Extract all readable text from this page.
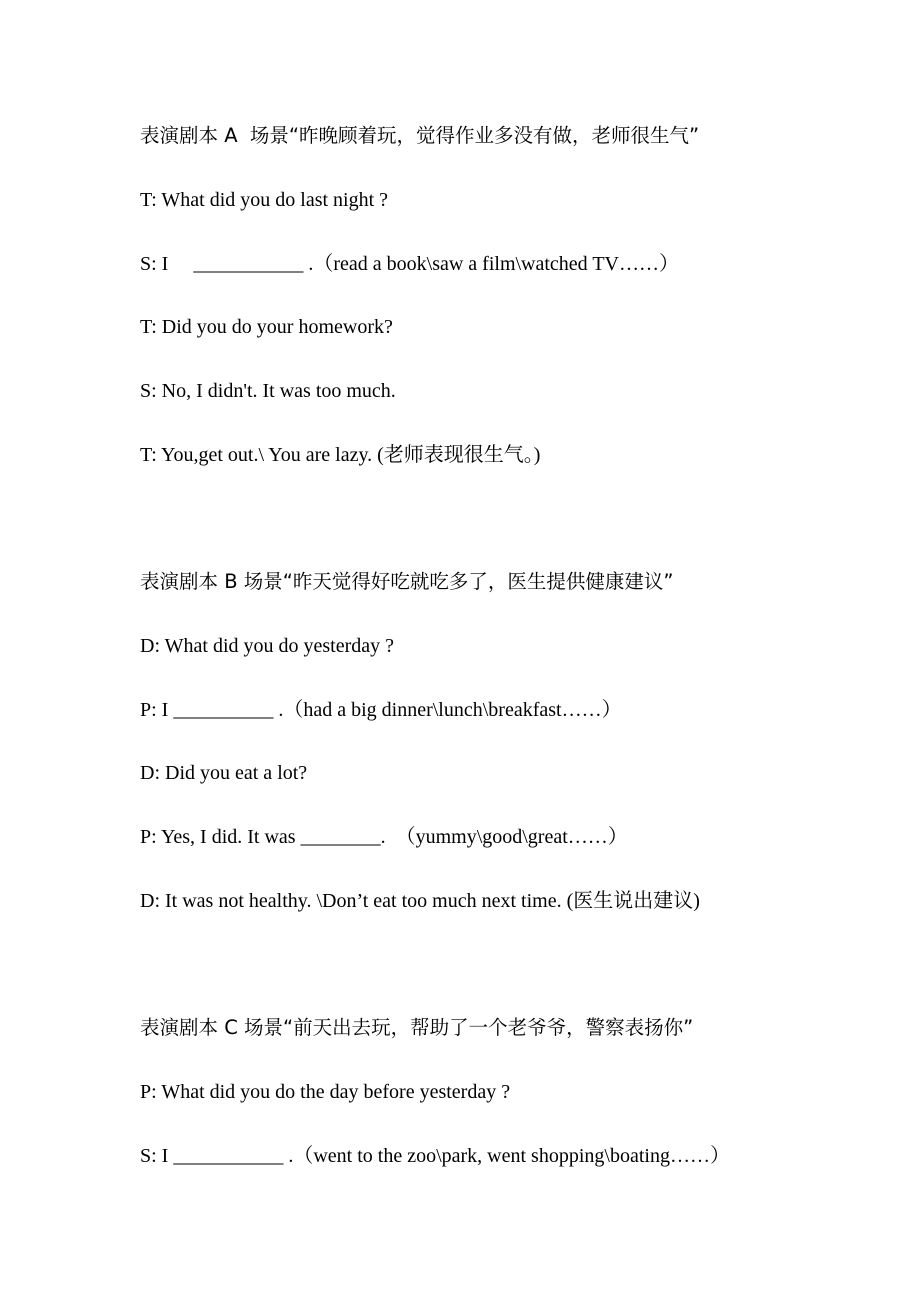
表演剧本 A  场景“昨晚顾着玩，觉得作业多没有做，老师很生气”
T: What did you do last night ?
S: I     ___________ .（read a book\saw a film\watched TV……）
T: Did you do your homework?
S: No, I didn't. It was too much.
T: You,get out.\ You are lazy. (老师表现很生气。)
表演剧本 B 场景“昨天觉得好吃就吃多了，医生提供健康建议”
D: What did you do yesterday ?
P: I __________ .（had a big dinner\lunch\breakfast……）
D: Did you eat a lot?
P: Yes, I did. It was ________.  （yummy\good\great……）
D: It was not healthy. \Don’t eat too much next time. (医生说出建议)
表演剧本 C 场景“前天出去玩，帮助了一个老爷爷，警察表扬你”
P: What did you do the day before yesterday ?
S: I ___________ .（went to the zoo\park, went shopping\boating……）
